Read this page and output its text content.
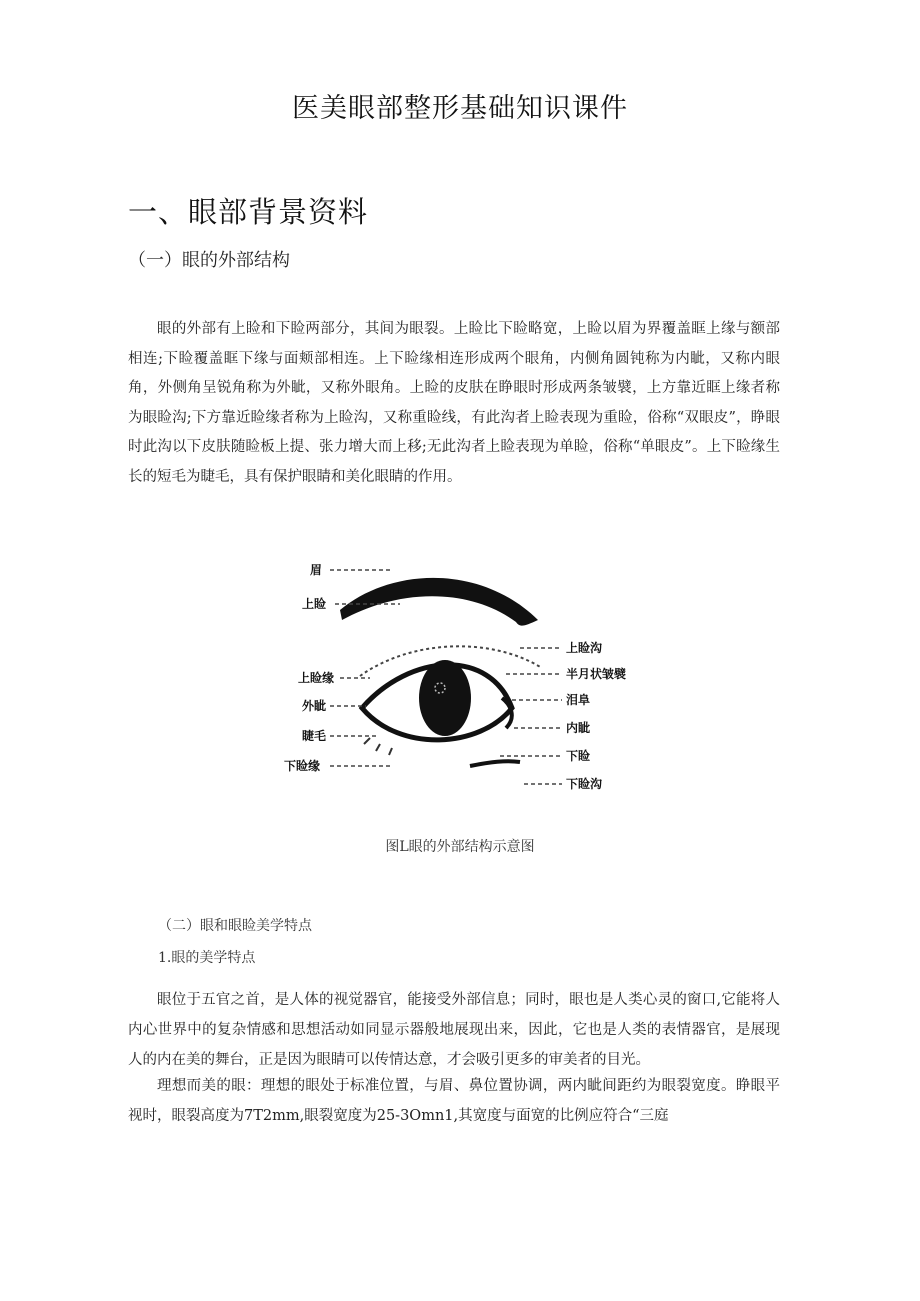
医美眼部整形基础知识课件
一、眼部背景资料
（一）眼的外部结构

眼的外部有上睑和下睑两部分，其间为眼裂。上睑比下睑略宽，上睑以眉为界覆盖眶上缘与额部相连;下睑覆盖眶下缘与面颊部相连。上下睑缘相连形成两个眼角，内侧角圆钝称为内眦，又称内眼角，外侧角呈锐角称为外眦，又称外眼角。上睑的皮肤在睁眼时形成两条皱襞，上方靠近眶上缘者称为眼睑沟;下方靠近睑缘者称为上睑沟，又称重睑线，有此沟者上睑表现为重睑，俗称“双眼皮”，睁眼时此沟以下皮肤随睑板上提、张力增大而上移;无此沟者上睑表现为单睑，俗称“单眼皮”。上下睑缘生长的短毛为睫毛，具有保护眼睛和美化眼睛的作用。

眉
上睑
上睑缘
外眦
睫毛
下睑缘
上睑沟
半月状皱襞
泪阜
内眦
下睑
下睑沟
图L眼的外部结构示意图
（二）眼和眼睑美学特点
1.眼的美学特点

眼位于五官之首，是人体的视觉器官，能接受外部信息；同时，眼也是人类心灵的窗口,它能将人内心世界中的复杂情感和思想活动如同显示器般地展现出来，因此，它也是人类的表情器官，是展现人的内在美的舞台，正是因为眼睛可以传情达意，才会吸引更多的审美者的目光。

理想而美的眼：理想的眼处于标准位置，与眉、鼻位置协调，两内眦间距约为眼裂宽度。睁眼平视时，眼裂高度为7T2mm,眼裂宽度为25-3Omn1,其宽度与面宽的比例应符合“三庭
